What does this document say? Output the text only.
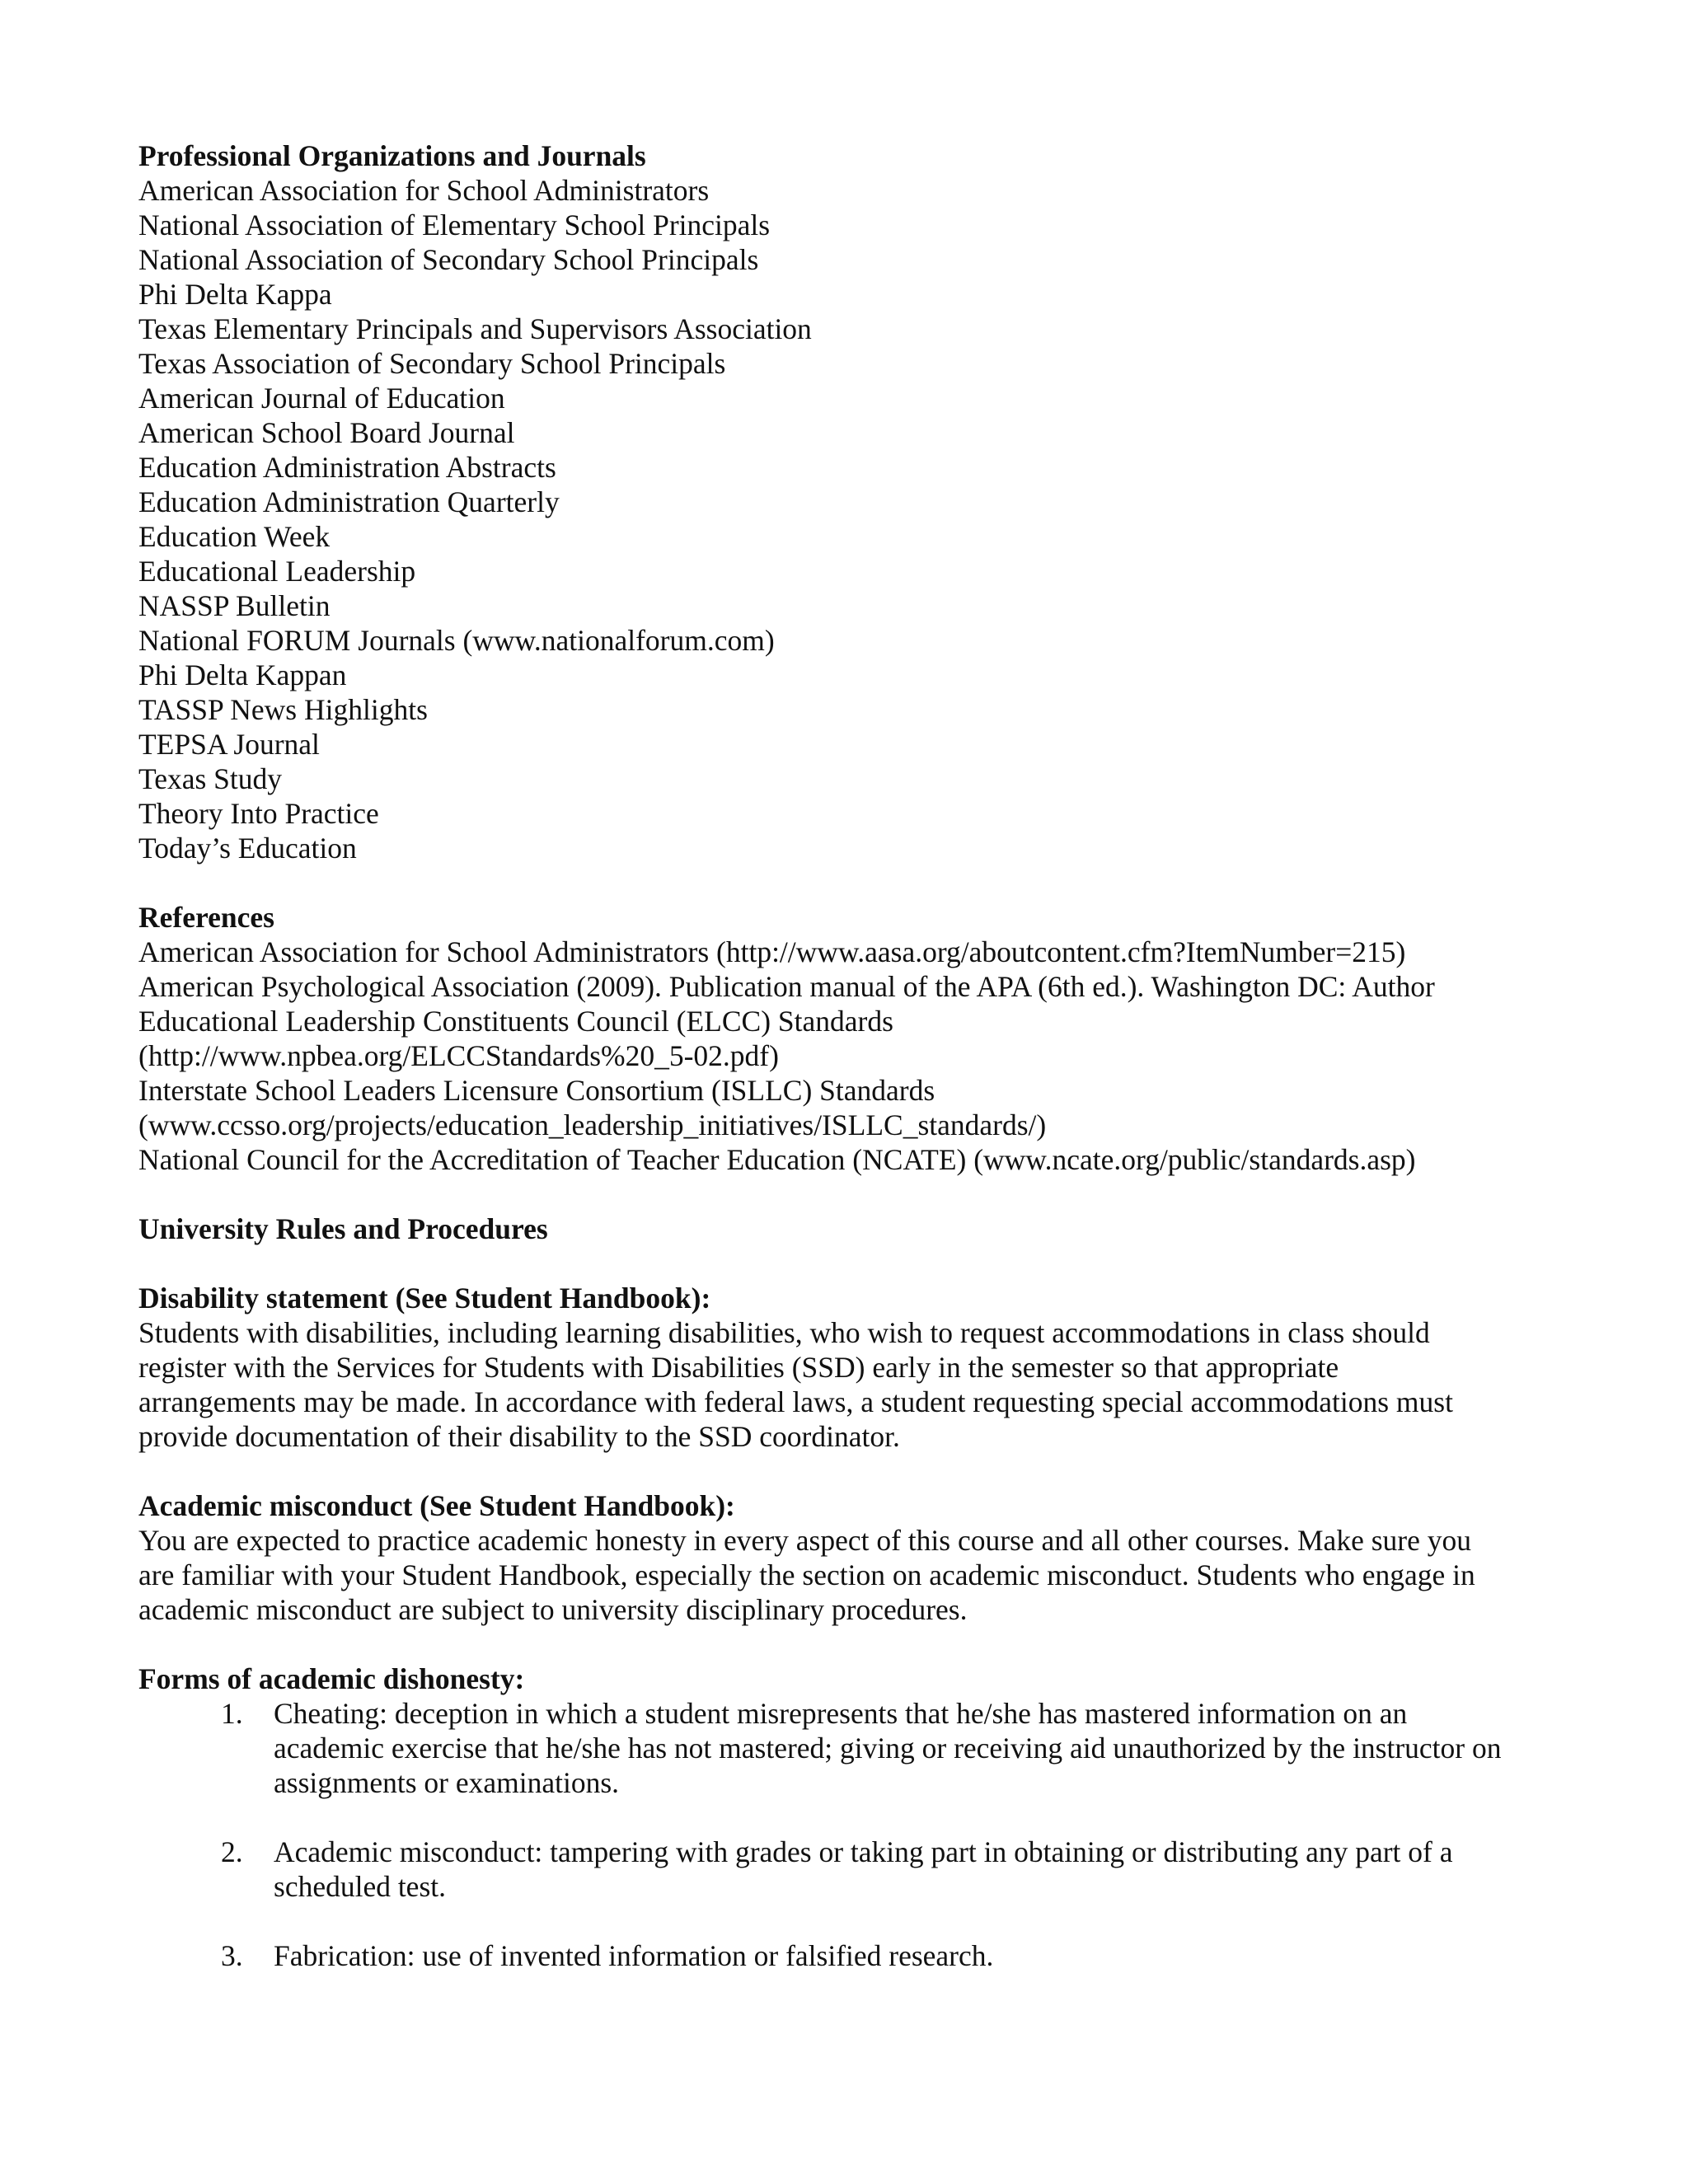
Professional Organizations and Journals
American Association for School Administrators
National Association of Elementary School Principals
National Association of Secondary School Principals
Phi Delta Kappa
Texas Elementary Principals and Supervisors Association
Texas Association of Secondary School Principals
American Journal of Education
American School Board Journal
Education Administration Abstracts
Education Administration Quarterly
Education Week
Educational Leadership
NASSP Bulletin
National FORUM Journals (www.nationalforum.com)
Phi Delta Kappan
TASSP News Highlights
TEPSA Journal
Texas Study
Theory Into Practice
Today’s Education
References
American Association for School Administrators (http://www.aasa.org/aboutcontent.cfm?ItemNumber=215)
American Psychological Association (2009). Publication manual of the APA (6th ed.). Washington DC: Author
Educational Leadership Constituents Council (ELCC) Standards
(http://www.npbea.org/ELCCStandards%20_5-02.pdf)
Interstate School Leaders Licensure Consortium (ISLLC) Standards
(www.ccsso.org/projects/education_leadership_initiatives/ISLLC_standards/)
National Council for the Accreditation of Teacher Education (NCATE) (www.ncate.org/public/standards.asp)
University Rules and Procedures
Disability statement (See Student Handbook):
Students with disabilities, including learning disabilities, who wish to request accommodations in class should
register with the Services for Students with Disabilities (SSD) early in the semester so that appropriate
arrangements may be made. In accordance with federal laws, a student requesting special accommodations must
provide documentation of their disability to the SSD coordinator.
Academic misconduct (See Student Handbook):
You are expected to practice academic honesty in every aspect of this course and all other courses. Make sure you
are familiar with your Student Handbook, especially the section on academic misconduct. Students who engage in
academic misconduct are subject to university disciplinary procedures.
Forms of academic dishonesty:
1. Cheating: deception in which a student misrepresents that he/she has mastered information on an
academic exercise that he/she has not mastered; giving or receiving aid unauthorized by the instructor on
assignments or examinations.
2. Academic misconduct: tampering with grades or taking part in obtaining or distributing any part of a
scheduled test.
3. Fabrication: use of invented information or falsified research.
